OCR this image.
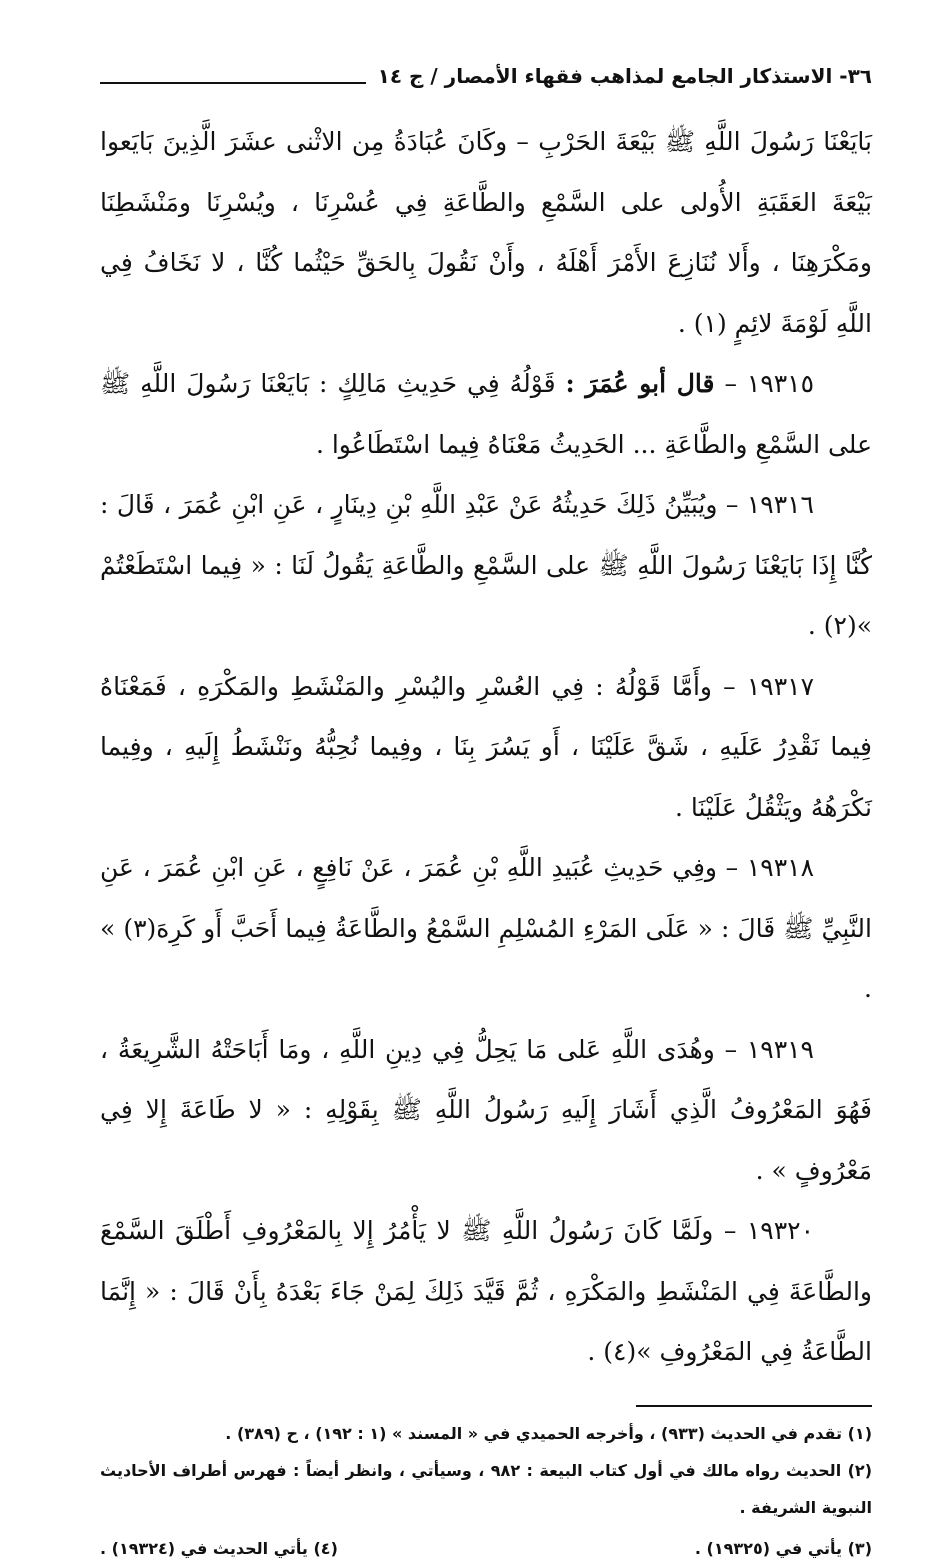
٣٦- الاستذكار الجامع لمذاهب فقهاء الأمصار / ج ١٤

بَايَعْنَا رَسُولَ اللَّهِ ﷺ بَيْعَةَ الحَرْبِ – وكَانَ عُبَادَةُ مِن الاثْنى عشَرَ الَّذِينَ بَايَعوا بَيْعَةَ العَقَبَةِ الأُولى على السَّمْعِ والطَّاعَةِ فِي عُسْرِنَا ، ويُسْرِنَا ومَنْشَطِنَا ومَكْرَهِنَا ، وأَلا نُنَازِعَ الأَمْرَ أَهْلَهُ ، وأَنْ نَقُولَ بِالحَقِّ حَيْثُما كُنَّا ، لا نَخَافُ فِي اللَّهِ لَوْمَةَ لائِمٍ (١) .

١٩٣١٥ – قال أبو عُمَرَ : قَوْلُهُ فِي حَدِيثِ مَالِكٍ : بَايَعْنَا رَسُولَ اللَّهِ ﷺ على السَّمْعِ والطَّاعَةِ ... الحَدِيثُ مَعْنَاهُ فِيما اسْتَطَاعُوا .

١٩٣١٦ – ويُبَيِّنُ ذَلِكَ حَدِيثُهُ عَنْ عَبْدِ اللَّهِ بْنِ دِينَارٍ ، عَنِ ابْنِ عُمَرَ ، قَالَ : كُنَّا إِذَا بَايَعْنَا رَسُولَ اللَّهِ ﷺ على السَّمْعِ والطَّاعَةِ يَقُولُ لَنَا : « فِيما اسْتَطَعْتُمْ »(٢) .

١٩٣١٧ – وأَمَّا قَوْلُهُ : فِي العُسْرِ واليُسْرِ والمَنْشَطِ والمَكْرَهِ ، فَمَعْنَاهُ فِيما نَقْدِرُ عَلَيهِ ، شَقَّ عَلَيْنَا ، أَو يَسُرَ بِنَا ، وفِيما نُحِبُّهُ ونَنْشَطُ إِلَيهِ ، وفِيما نَكْرَهُهُ ويَثْقُلُ عَلَيْنَا .

١٩٣١٨ – وفِي حَدِيثِ عُبَيدِ اللَّهِ بْنِ عُمَرَ ، عَنْ نَافِعٍ ، عَنِ ابْنِ عُمَرَ ، عَنِ النَّبِيِّ ﷺ قَالَ : « عَلَى المَرْءِ المُسْلِمِ السَّمْعُ والطَّاعَةُ فِيما أَحَبَّ أَو كَرِهَ(٣) » .

١٩٣١٩ – وهُدَى اللَّهِ عَلى مَا يَحِلُّ فِي دِينِ اللَّهِ ، ومَا أَبَاحَتْهُ الشَّرِيعَةُ ، فَهُوَ المَعْرُوفُ الَّذِي أَشَارَ إِلَيهِ رَسُولُ اللَّهِ ﷺ بِقَوْلِهِ : « لا طَاعَةَ إِلا فِي مَعْرُوفٍ » .

١٩٣٢٠ – ولَمَّا كَانَ رَسُولُ اللَّهِ ﷺ لا يَأْمُرُ إِلا بِالمَعْرُوفِ أَطْلَقَ السَّمْعَ والطَّاعَةَ فِي المَنْشَطِ والمَكْرَهِ ، ثُمَّ قَيَّدَ ذَلِكَ لِمَنْ جَاءَ بَعْدَهُ بِأَنْ قَالَ : « إِنَّمَا الطَّاعَةُ فِي المَعْرُوفِ »(٤) .

(١) تقدم في الحديث (٩٣٣) ، وأخرجه الحميدي في « المسند » (١ : ١٩٢) ، ح (٣٨٩) .

(٢) الحديث رواه مالك في أول كتاب البيعة : ٩٨٢ ، وسيأتي ، وانظر أيضاً : فهرس أطراف الأحاديث النبوية الشريفة .

(٣) يأتي في (١٩٣٢٥) .

(٤) يأتي الحديث في (١٩٣٢٤) .
